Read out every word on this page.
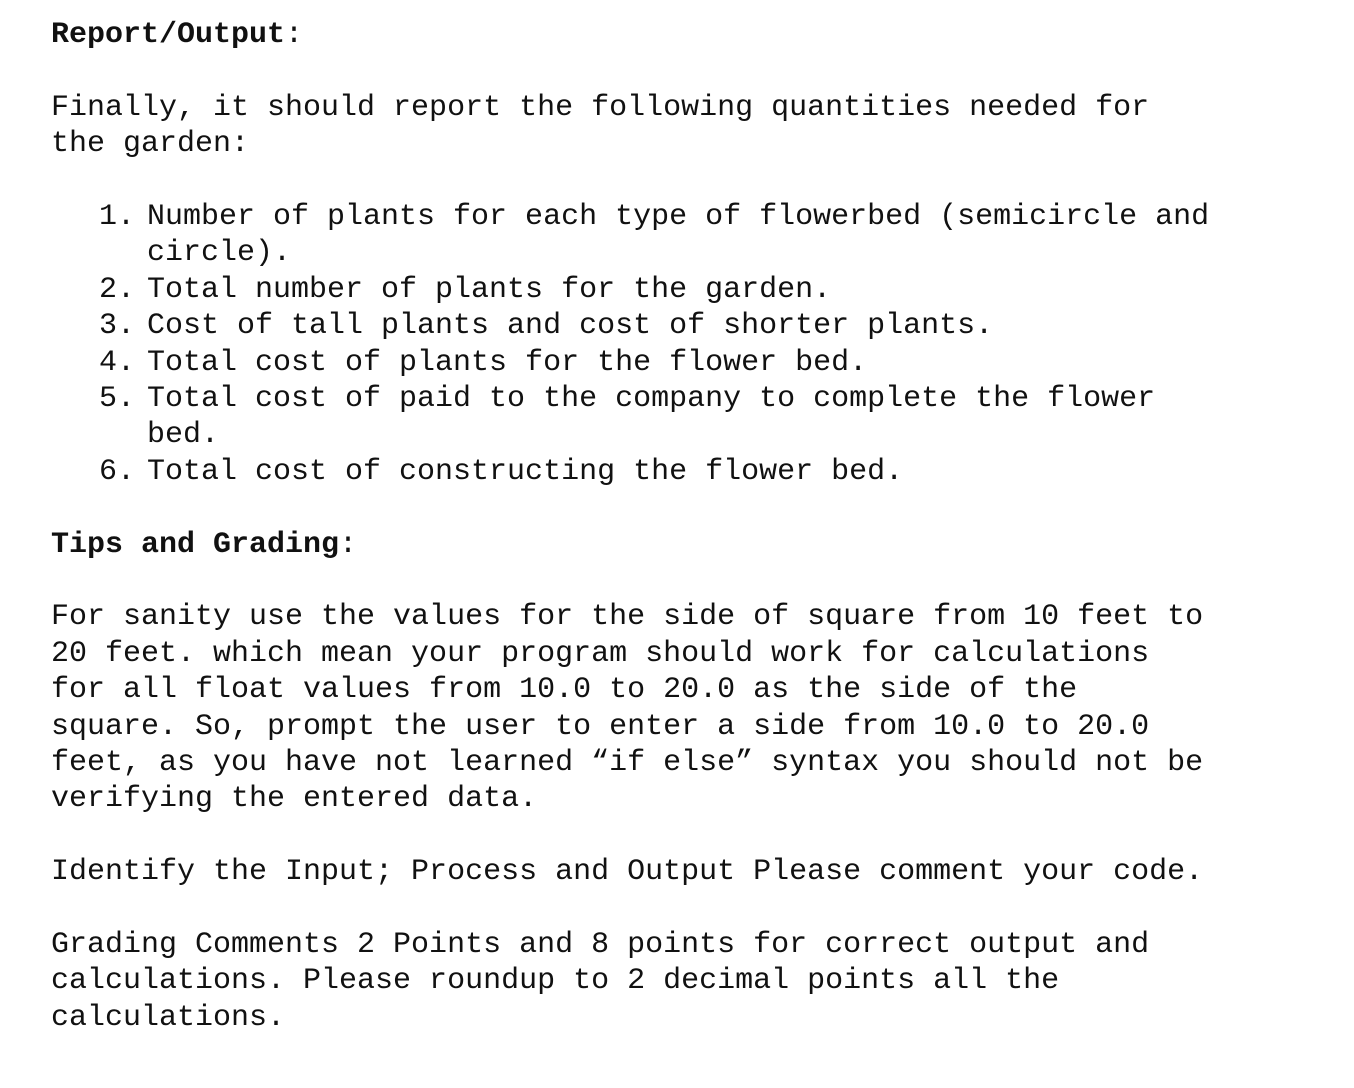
Report/Output:

Finally, it should report the following quantities needed for
the garden:

1. Number of plants for each type of flowerbed (semicircle and
circle).
2. Total number of plants for the garden.
3. Cost of tall plants and cost of shorter plants.
4. Total cost of plants for the flower bed.
5. Total cost of paid to the company to complete the flower
bed.
6. Total cost of constructing the flower bed.
Tips and Grading:

For sanity use the values for the side of square from 10 feet to
20 feet. which mean your program should work for calculations
for all float values from 10.0 to 20.0 as the side of the
square. So, prompt the user to enter a side from 10.0 to 20.0
feet, as you have not learned “if else” syntax you should not be
verifying the entered data.

Identify the Input; Process and Output Please comment your code.

Grading Comments 2 Points and 8 points for correct output and
calculations. Please roundup to 2 decimal points all the
calculations.
